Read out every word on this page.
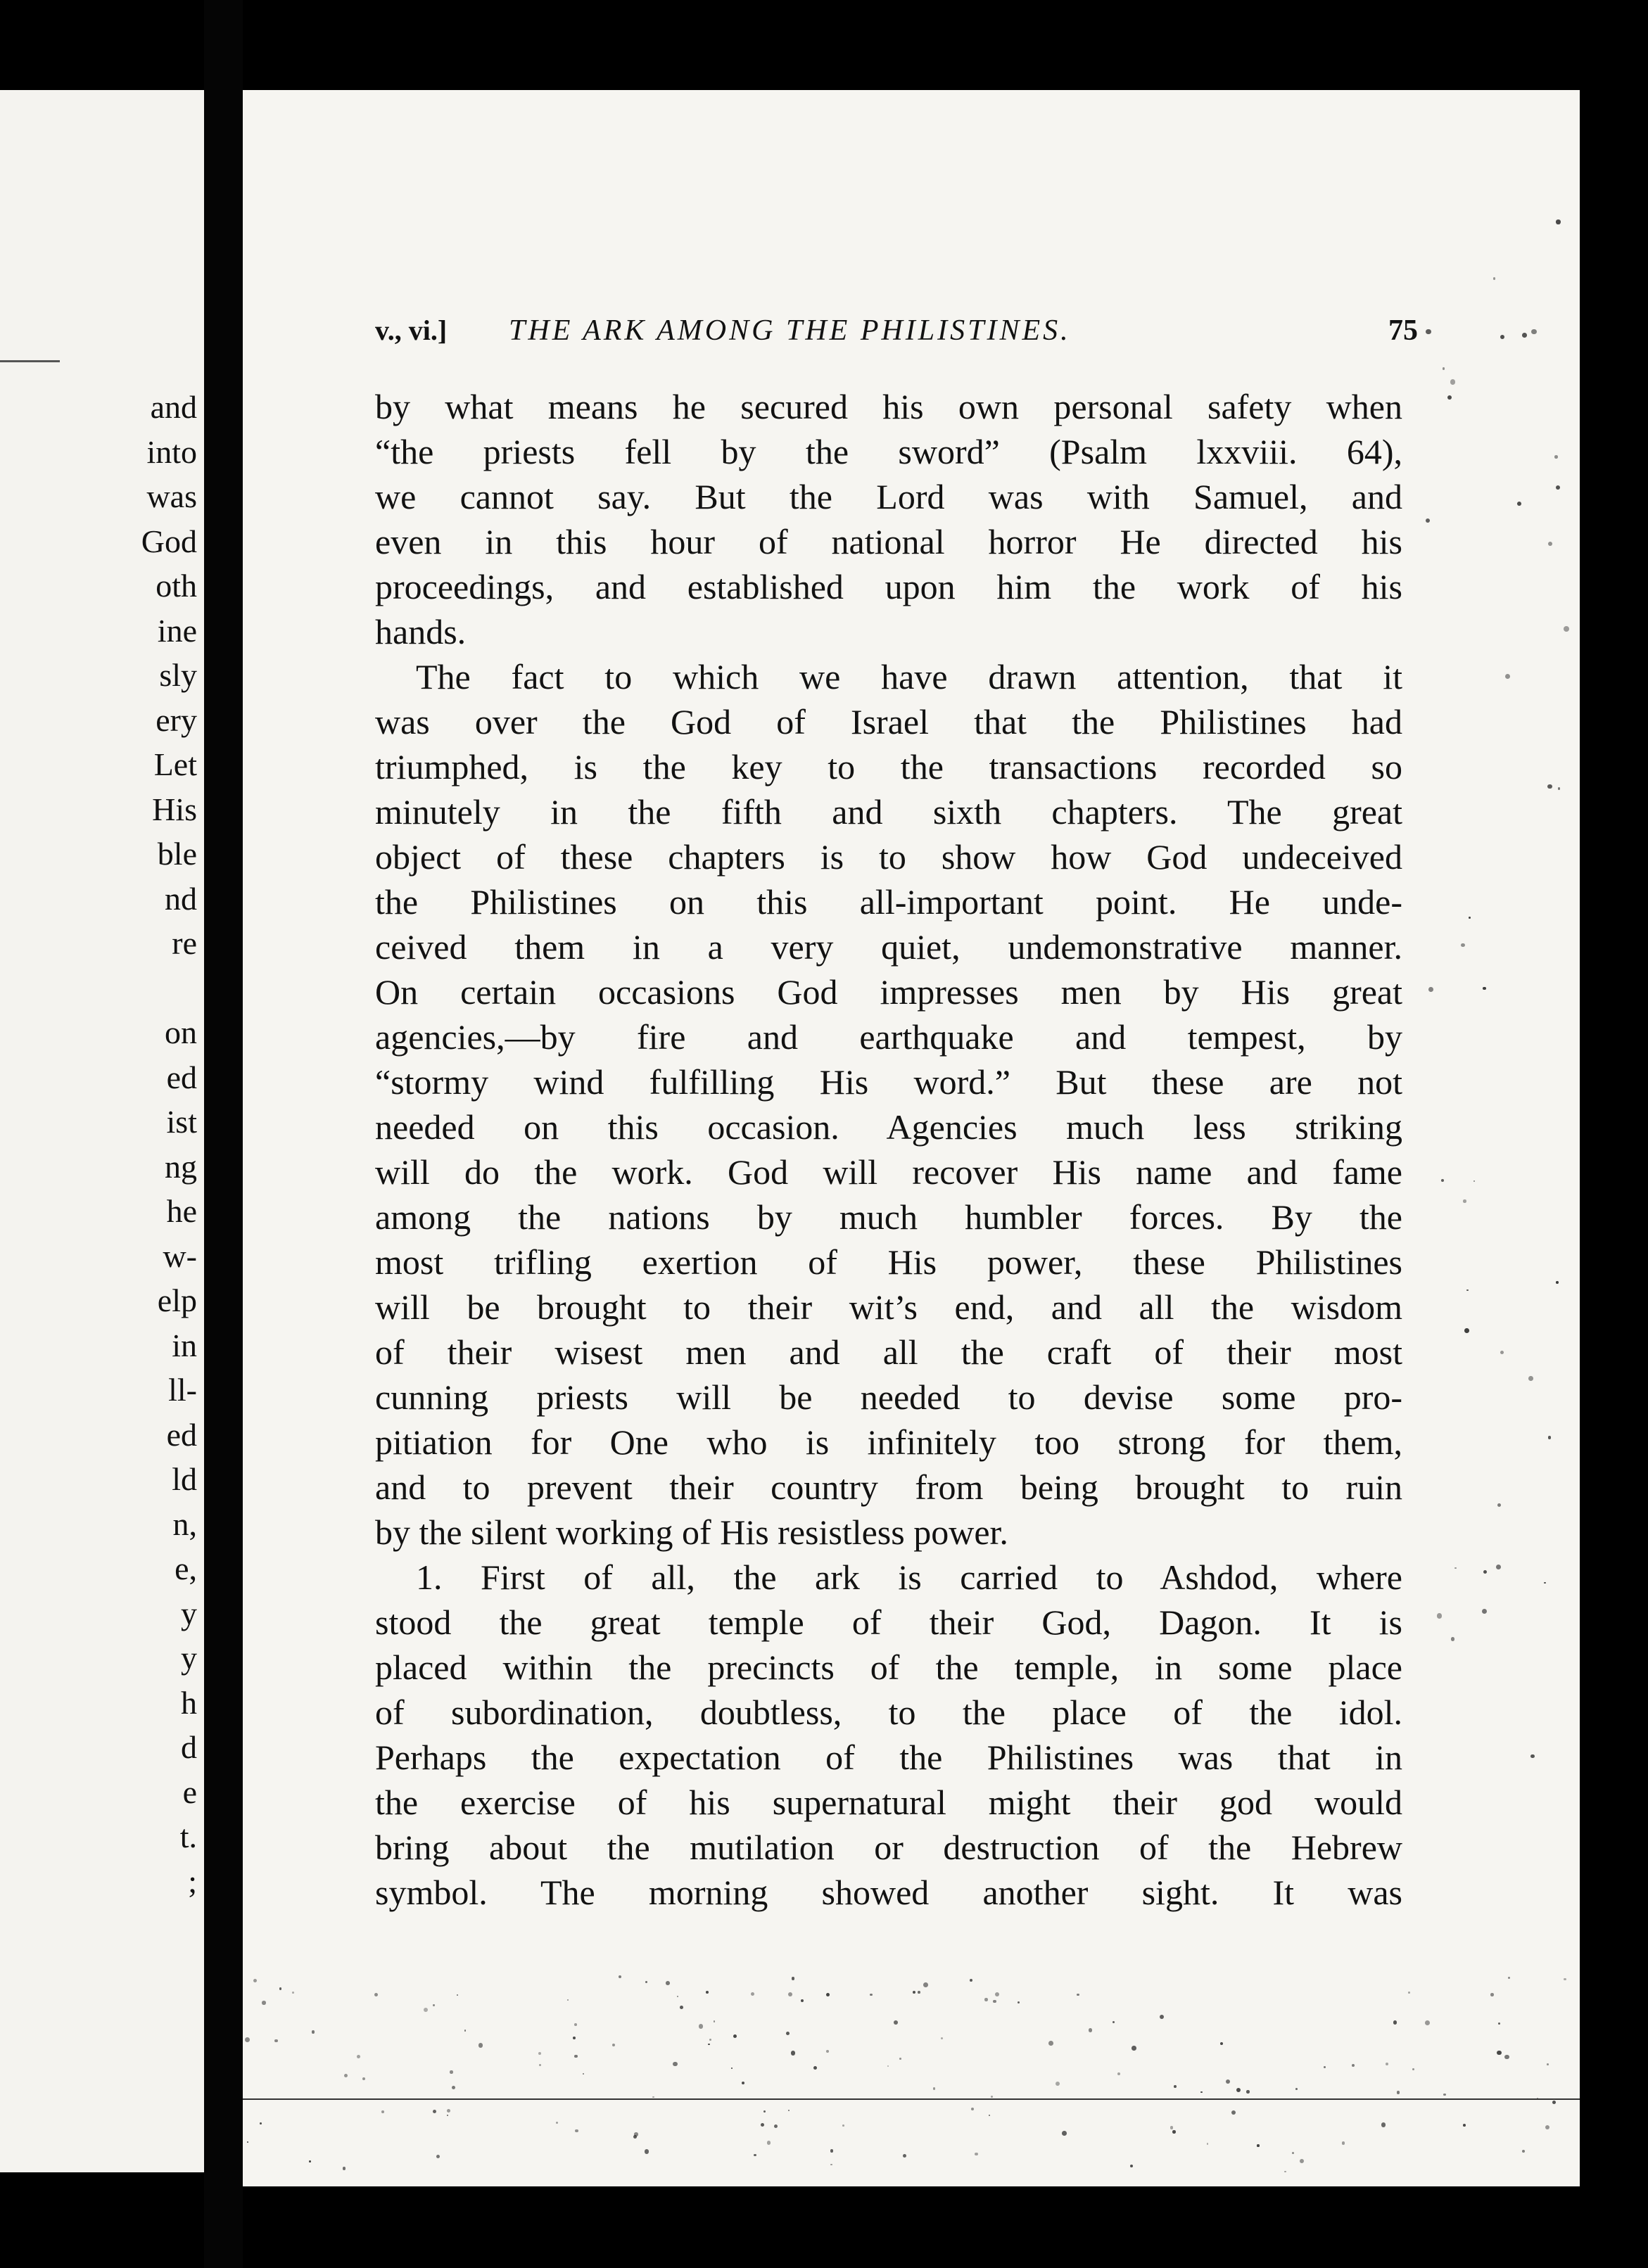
and
into
was
God
oth
ine
sly
ery
Let
His
ble
nd
re
on
ed
ist
ng
he
w-
elp
in
ll-
ed
ld
n,
e,
y
y
h
d
e
t.
;
v., vi.] THE ARK AMONG THE PHILISTINES.	75
by what means he secured his own personal safety when
“the priests fell by the sword” (Psalm lxxviii. 64),
we cannot say. But the Lord was with Samuel, and
even in this hour of national horror He directed his
proceedings, and established upon him the work of his
hands.
The fact to which we have drawn attention, that it
was over the God of Israel that the Philistines had
triumphed, is the key to the transactions recorded so
minutely in the fifth and sixth chapters. The great
object of these chapters is to show how God undeceived
the Philistines on this all-important point. He unde-
ceived them in a very quiet, undemonstrative manner.
On certain occasions God impresses men by His great
agencies,—by fire and earthquake and tempest, by
“stormy wind fulfilling His word.” But these are not
needed on this occasion. Agencies much less striking
will do the work. God will recover His name and fame
among the nations by much humbler forces. By the
most trifling exertion of His power, these Philistines
will be brought to their wit’s end, and all the wisdom
of their wisest men and all the craft of their most
cunning priests will be needed to devise some pro-
pitiation for One who is infinitely too strong for them,
and to prevent their country from being brought to ruin
by the silent working of His resistless power.
1. First of all, the ark is carried to Ashdod, where
stood the great temple of their God, Dagon. It is
placed within the precincts of the temple, in some place
of subordination, doubtless, to the place of the idol.
Perhaps the expectation of the Philistines was that in
the exercise of his supernatural might their god would
bring about the mutilation or destruction of the Hebrew
symbol. The morning showed another sight. It was
